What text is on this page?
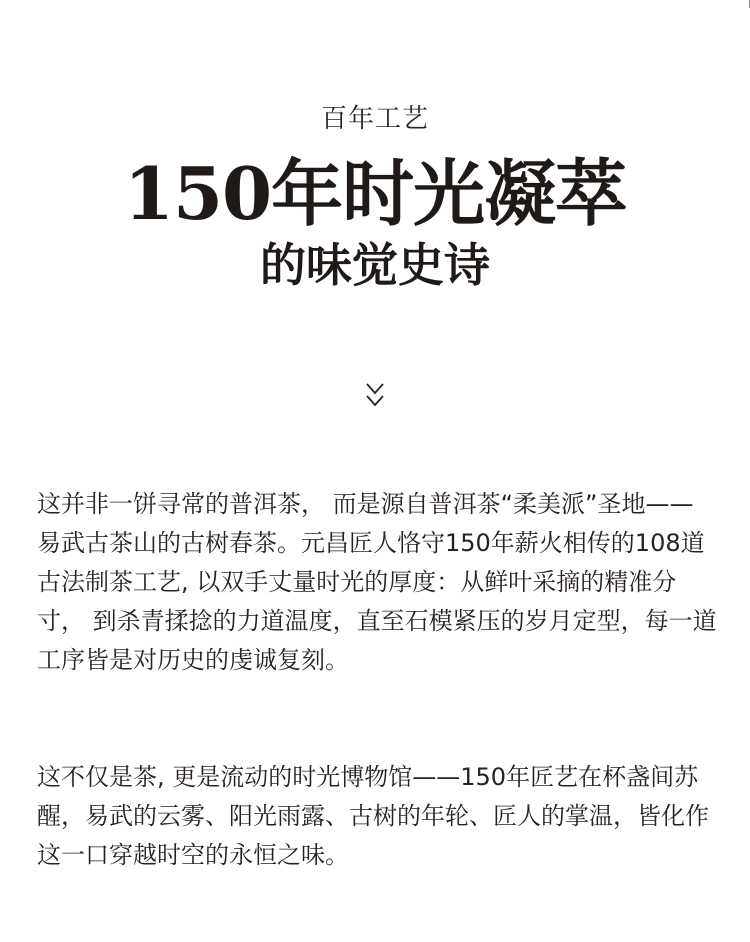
百年工艺
150年时光凝萃
的味觉史诗

这并非一饼寻常的普洱茶， 而是源自普洱茶“柔美派”圣地——易武古茶山的古树春茶。元昌匠人恪守150年薪火相传的108道古法制茶工艺, 以双手丈量时光的厚度：从鲜叶采摘的精准分寸， 到杀青揉捻的力道温度，直至石模紧压的岁月定型，每一道工序皆是对历史的虔诚复刻。

这不仅是茶, 更是流动的时光博物馆——150年匠艺在杯盏间苏醒，易武的云雾、阳光雨露、古树的年轮、匠人的掌温，皆化作这一口穿越时空的永恒之味。
